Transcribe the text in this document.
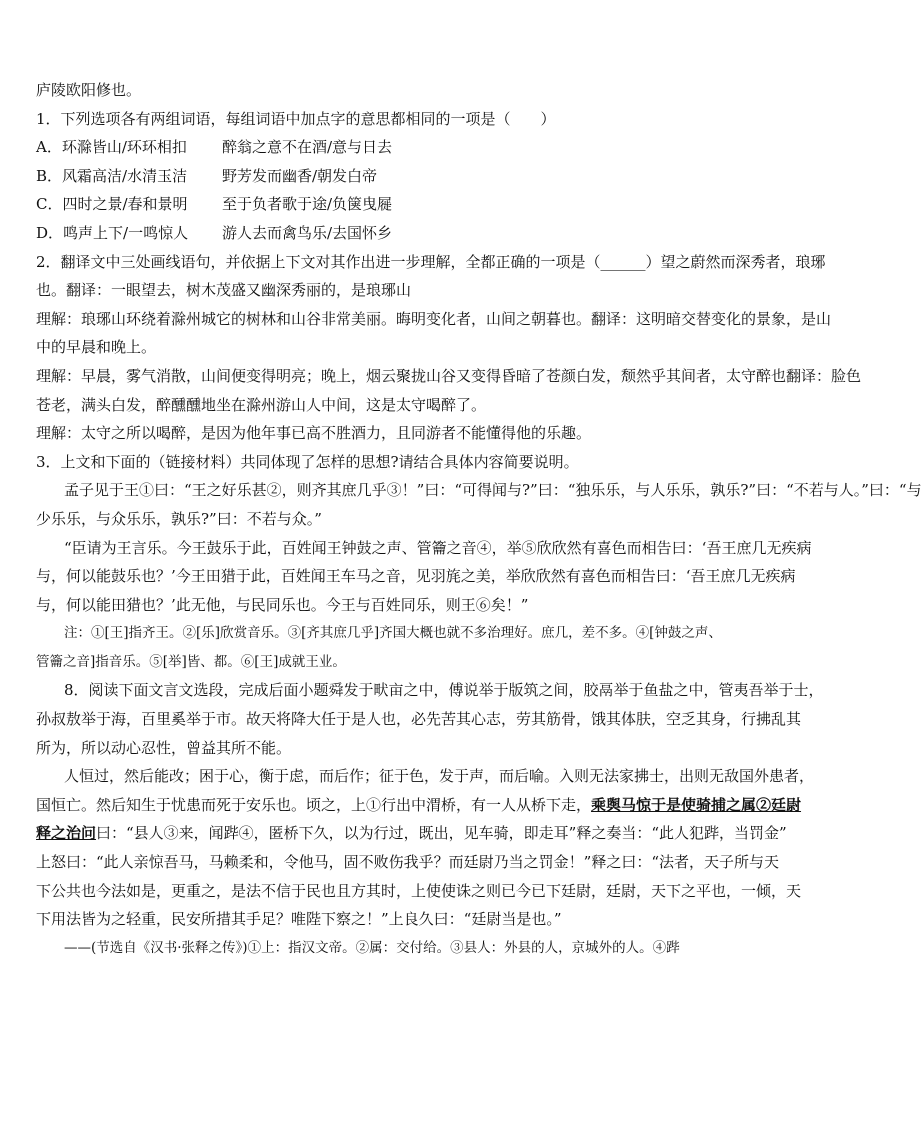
庐陵欧阳修也。
1．下列选项各有两组词语，每组词语中加点字的意思都相同的一项是（　　）
A．环滁皆山/环环相扣	醉翁之意不在酒/意与日去
B．风霜高洁/水清玉洁	野芳发而幽香/朝发白帝
C．四时之景/春和景明	至于负者歌于途/负箧曳屣
D．鸣声上下/一鸣惊人	游人去而禽鸟乐/去国怀乡
2．翻译文中三处画线语句，并依据上下文对其作出进一步理解，全都正确的一项是（______）望之蔚然而深秀者，琅琊
也。翻译：一眼望去，树木茂盛又幽深秀丽的，是琅琊山
理解：琅琊山环绕着滁州城它的树林和山谷非常美丽。晦明变化者，山间之朝暮也。翻译：这明暗交替变化的景象，是山
中的早晨和晚上。
理解：早晨，雾气消散，山间便变得明亮；晚上，烟云聚拢山谷又变得昏暗了苍颜白发，颓然乎其间者，太守醉也翻译：脸色
苍老，满头白发，醉醺醺地坐在滁州游山人中间，这是太守喝醉了。
理解：太守之所以喝醉，是因为他年事已高不胜酒力，且同游者不能懂得他的乐趣。
3．上文和下面的（链接材料）共同体现了怎样的思想?请结合具体内容简要说明。
孟子见于王①曰：“王之好乐甚②，则齐其庶几乎③！”曰：“可得闻与?”曰：“独乐乐，与人乐乐，孰乐?”曰：“不若与人。”曰：“与
少乐乐，与众乐乐，孰乐?”曰：不若与众。”
“臣请为王言乐。今王鼓乐于此，百姓闻王钟鼓之声、管籥之音④，举⑤欣欣然有喜色而相告曰：‘吾王庶几无疾病
与，何以能鼓乐也？’今王田猎于此，百姓闻王车马之音，见羽旄之美，举欣欣然有喜色而相告曰：‘吾王庶几无疾病
与，何以能田猎也？’此无他，与民同乐也。今王与百姓同乐，则王⑥矣！”
注：①[王]指齐王。②[乐]欣赏音乐。③[齐其庶几乎]齐国大概也就不多治理好。庶几，差不多。④[钟鼓之声、
管籥之音]指音乐。⑤[举]皆、都。⑥[王]成就王业。
8．阅读下面文言文选段，完成后面小题舜发于畎亩之中，傅说举于版筑之间，胶鬲举于鱼盐之中，管夷吾举于士，
孙叔敖举于海，百里奚举于市。故天将降大任于是人也，必先苦其心志，劳其筋骨，饿其体肤，空乏其身，行拂乱其
所为，所以动心忍性，曾益其所不能。
人恒过，然后能改；困于心，衡于虑，而后作；征于色，发于声，而后喻。入则无法家拂士，出则无敌国外患者，
国恒亡。然后知生于忧患而死于安乐也。顷之，上①行出中渭桥，有一人从桥下走，乘舆马惊于是使骑捕之属②廷尉
释之治问曰：“县人③来，闻跸④，匿桥下久，以为行过，既出，见车骑，即走耳”释之奏当：“此人犯跸，当罚金”
上怒曰：“此人亲惊吾马，马赖柔和，令他马，固不败伤我乎？而廷尉乃当之罚金！”释之曰：“法者，天子所与天
下公共也今法如是，更重之，是法不信于民也且方其时，上使使诛之则已今已下廷尉，廷尉，天下之平也，一倾，天
下用法皆为之轻重，民安所措其手足？唯陛下察之！”上良久曰：“廷尉当是也。”
——(节选自《汉书·张释之传》)①上：指汉文帝。②属：交付给。③县人：外县的人，京城外的人。④跸
